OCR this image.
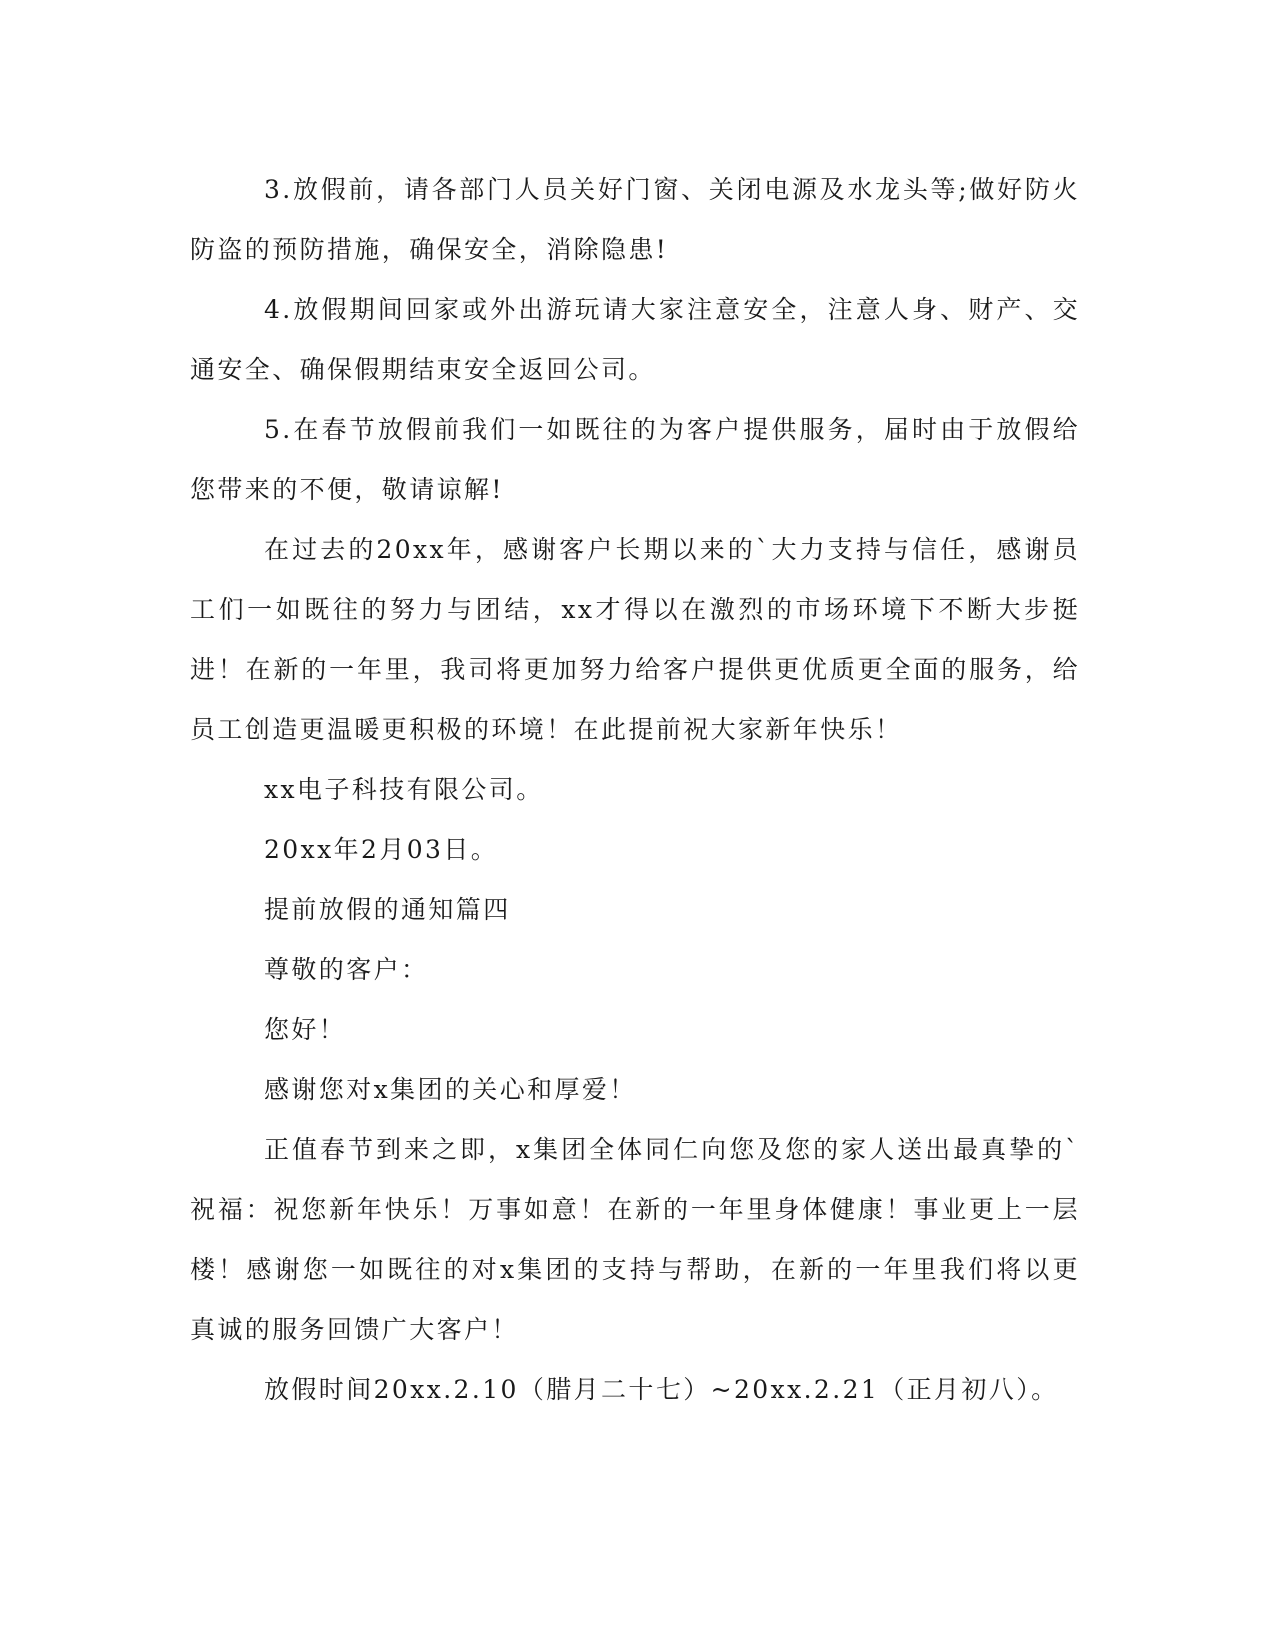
3.放假前，请各部门人员关好门窗、关闭电源及水龙头等;做好防火防盗的预防措施，确保安全，消除隐患!

4.放假期间回家或外出游玩请大家注意安全，注意人身、财产、交通安全、确保假期结束安全返回公司。

5.在春节放假前我们一如既往的为客户提供服务，届时由于放假给您带来的不便，敬请谅解!

在过去的20xx年，感谢客户长期以来的`大力支持与信任，感谢员工们一如既往的努力与团结，xx才得以在激烈的市场环境下不断大步挺进！在新的一年里，我司将更加努力给客户提供更优质更全面的服务，给员工创造更温暖更积极的环境！在此提前祝大家新年快乐！

xx电子科技有限公司。

20xx年2月03日。

提前放假的通知篇四

尊敬的客户：

您好！

感谢您对x集团的关心和厚爱！

正值春节到来之即，x集团全体同仁向您及您的家人送出最真挚的`祝福：祝您新年快乐！万事如意！在新的一年里身体健康！事业更上一层楼！感谢您一如既往的对x集团的支持与帮助，在新的一年里我们将以更真诚的服务回馈广大客户！

放假时间20xx.2.10（腊月二十七）~20xx.2.21（正月初八）。
